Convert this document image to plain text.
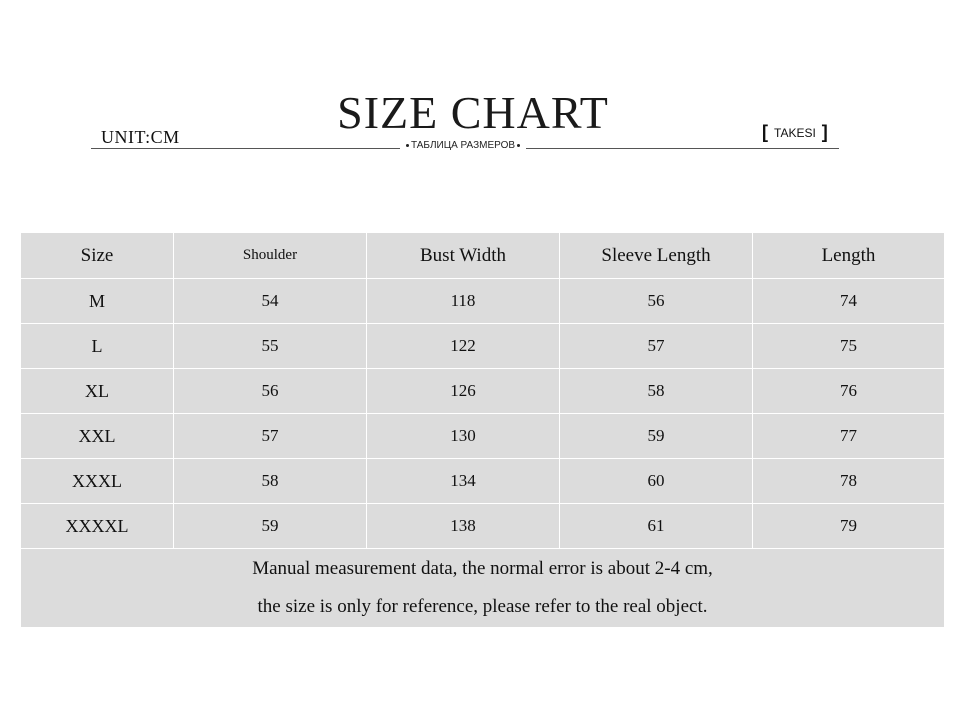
SIZE CHART
UNIT:CM	ТАБЛИЦА РАЗМЕРОВ
[ TAKESI ]
Size	Shoulder	Bust Width	Sleeve Length	Length
M	54	118	56	74
L	55	122	57	75
XL	56	126	58	76
XXL	57	130	59	77
XXXL	58	134	60	78
XXXXL	59	138	61	79

Manual measurement data, the normal error is about 2-4 cm,
the size is only for reference, please refer to the real object.				
